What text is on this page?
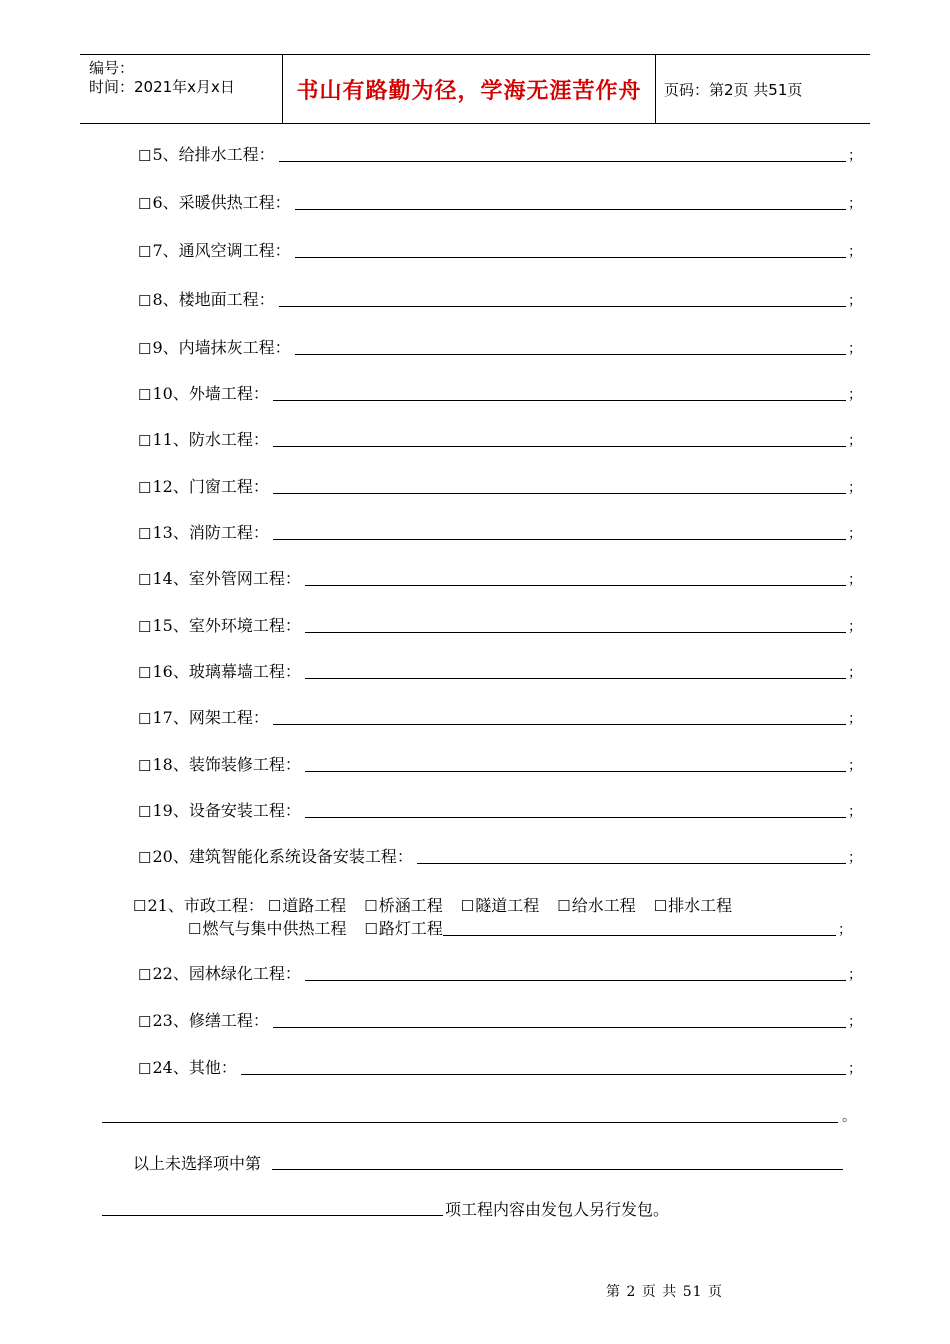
编号：
时间：2021年x月x日	书山有路勤为径，学海无涯苦作舟 页码：第2页 共51页
☐ 5、给排水工程：	；
☐ 6、采暖供热工程：	；
☐ 7、通风空调工程：	；
☐ 8、楼地面工程：	；
☐ 9、内墙抹灰工程：	；
☐ 10、外墙工程：	；
☐ 11、防水工程：	；
☐ 12、门窗工程：	；
☐ 13、消防工程：	；
☐ 14、室外管网工程：	；
☐ 15、室外环境工程：	；
☐ 16、玻璃幕墙工程：	；
☐ 17、网架工程：	；
☐ 18、装饰装修工程：	；
☐ 19、设备安装工程：	；
☐ 20、建筑智能化系统设备安装工程：	；
☐21、市政工程： ☐道路工程 ☐桥涵工程 ☐隧道工程 ☐给水工程 ☐排水工程
☐燃气与集中供热工程 ☐路灯工程	；
☐ 22、园林绿化工程：	；
☐ 23、修缮工程：	；
☐ 24、其他：	；
。
以上未选择项中第
项工程内容由发包人另行发包。
第 2 页 共 51 页
